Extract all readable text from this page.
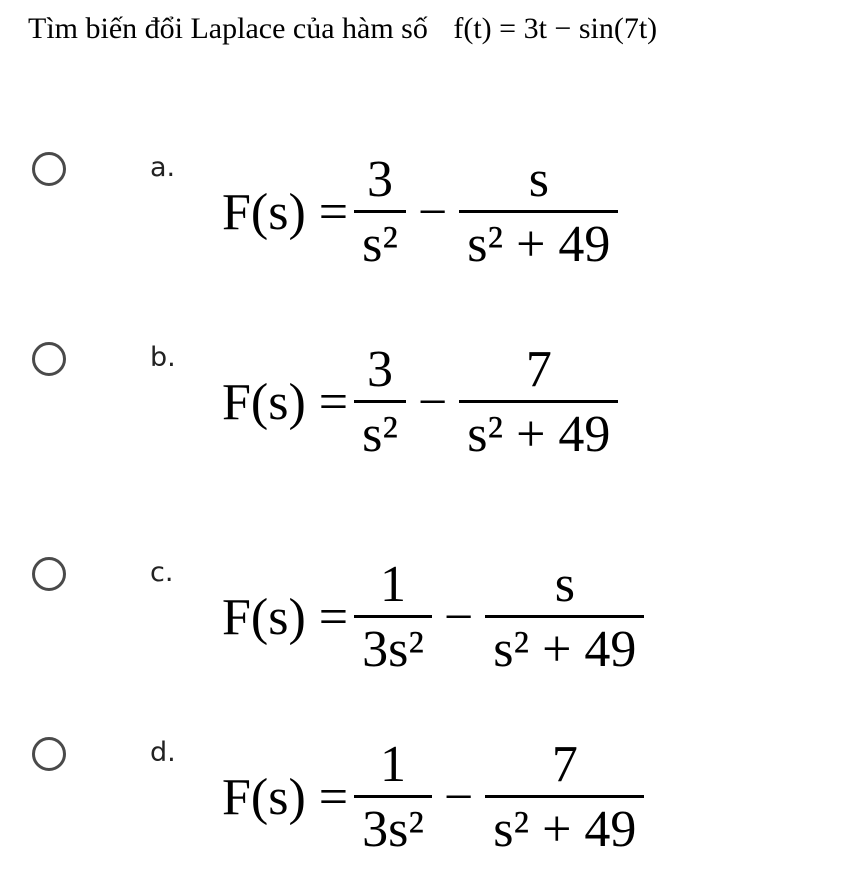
Tìm biến đổi Laplace của hàm số f(t) = 3t − sin(7t)
a.
$F(s) = \frac{3}{\text{s²}} - \frac{s}{\text{s² + 49}}$
b.
$F(s) = \frac{3}{\text{s²}} - \frac{7}{\text{s² + 49}}$
c.
$F(s) = \frac{1}{\text{3s²}} - \frac{s}{\text{s² + 49}}$
d.
$F(s) = \frac{1}{\text{3s²}} - \frac{7}{\text{s² + 49}}$
